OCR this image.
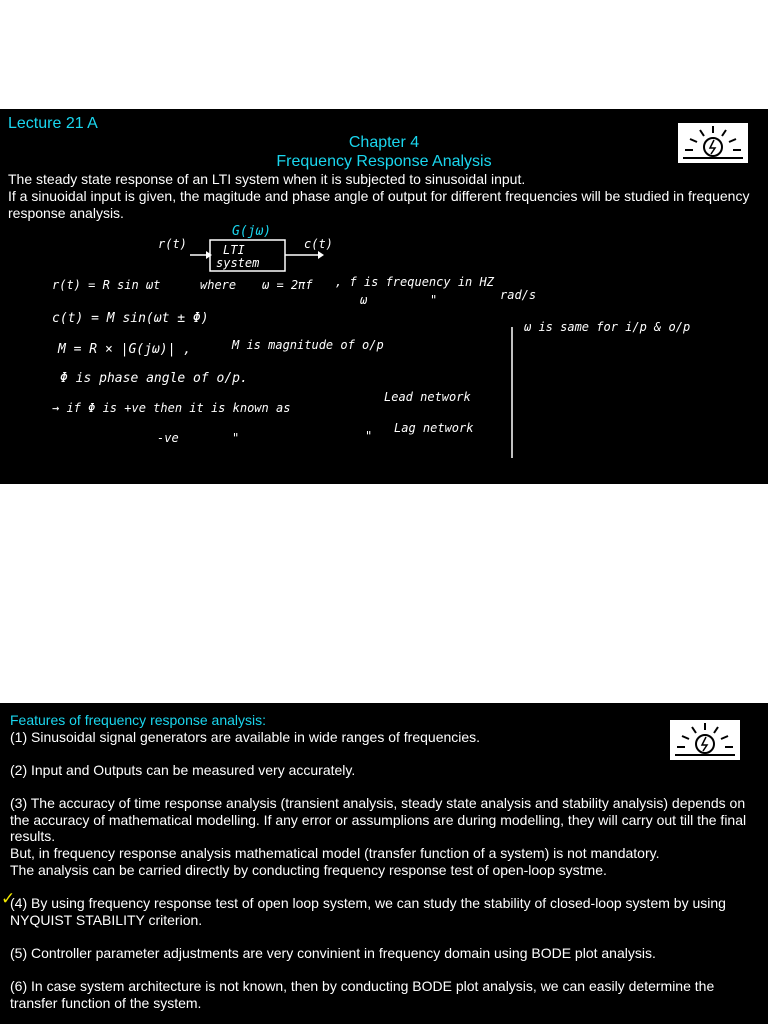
Lecture 21 A
Chapter 4
Frequency Response Analysis
The steady state response of an LTI system when it is subjected to sinusoidal input.
If a sinuoidal input is given, the magitude and phase angle of output for different frequencies will be studied in frequency response analysis.
G(jω)
r(t)	LTI
system
c(t)
r(t) = R sin ωt	where ω = 2πf , f is frequency in HZ
ω	"	rad/s
c(t) = M sin(ωt ± Φ)
M = R × |G(jω)| ,	M is magnitude of o/p
Φ is phase angle of o/p.
→ if Φ is +ve then it is known as
Lead network
-ve	"	"
Lag network
ω is same for i/p & o/p
Features of frequency response analysis:
(1) Sinusoidal signal generators are available in wide ranges of frequencies.
(2) Input and Outputs can be measured very accurately.
(3) The accuracy of time response analysis (transient analysis, steady state analysis and stability analysis) depends on the accuracy of mathematical modelling. If any error or assumplions are during modelling, they will carry out till the final results.
But, in frequency response analysis mathematical model (transfer function of a system) is not mandatory.
The analysis can be carried directly by conducting frequency response test of open-loop systme.
✓
(4) By using frequency response test of open loop system, we can study the stability of closed-loop system by using NYQUIST STABILITY criterion.
(5) Controller parameter adjustments are very convinient in frequency domain using BODE plot analysis.
(6) In case system architecture is not known, then by conducting BODE plot analysis, we can easily determine the transfer function of the system.
